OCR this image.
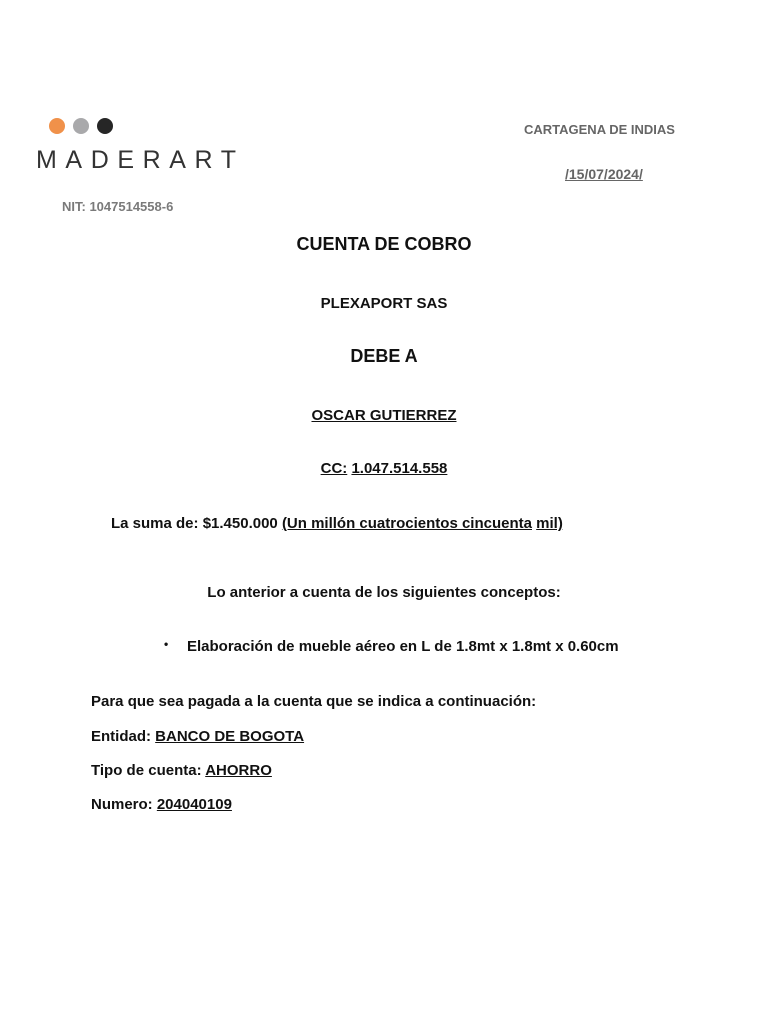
MADERART
NIT: 1047514558-6
CARTAGENA DE INDIAS
/15/07/2024/
CUENTA DE COBRO
PLEXAPORT SAS
DEBE A
OSCAR GUTIERREZ
CC: 1.047.514.558
La suma de: $1.450.000 (Un millón cuatrocientos cincuenta mil)
Lo anterior a cuenta de los siguientes conceptos:
• Elaboración de mueble aéreo en L de 1.8mt x 1.8mt x 0.60cm
Para que sea pagada a la cuenta que se indica a continuación:
Entidad: BANCO DE BOGOTA
Tipo de cuenta: AHORRO
Numero: 204040109
